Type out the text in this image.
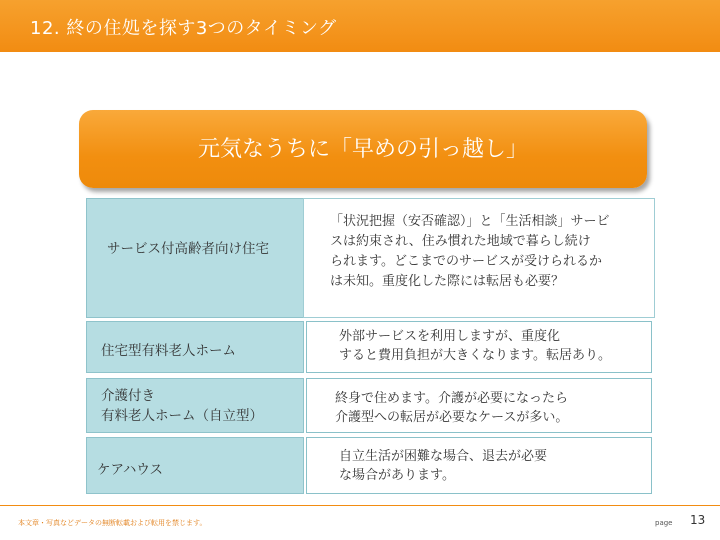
12. 終の住処を探す3つのタイミング
元気なうちに「早めの引っ越し」
サービス付高齢者向け住宅
「状況把握（安否確認）」と「生活相談」サービ
スは約束され、住み慣れた地域で暮らし続け
られます。どこまでのサービスが受けられるか
は未知。重度化した際には転居も必要？
住宅型有料老人ホーム
外部サービスを利用しますが、重度化
すると費用負担が大きくなります。転居あり。
介護付き
有料老人ホーム（自立型）
終身で住めます。介護が必要になったら
介護型への転居が必要なケースが多い。
ケアハウス
自立生活が困難な場合、退去が必要
な場合があります。
本文章・写真などデータの無断転載および転用を禁じます。	page 13
